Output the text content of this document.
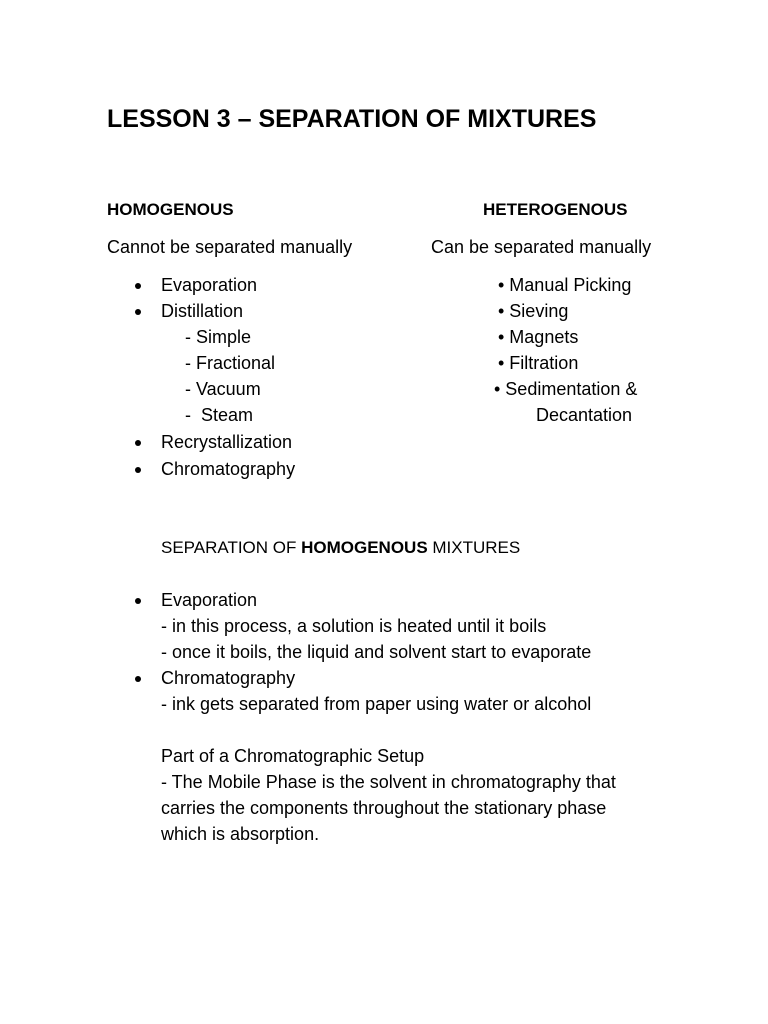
LESSON 3 – SEPARATION OF MIXTURES
HOMOGENOUS
Cannot be separated manually
Evaporation
Distillation
- Simple
- Fractional
- Vacuum
-  Steam
Recrystallization
Chromatography
HETEROGENOUS
Can be separated manually
• Manual Picking
• Sieving
• Magnets
• Filtration
• Sedimentation &
Decantation
SEPARATION OF HOMOGENOUS MIXTURES
Evaporation
- in this process, a solution is heated until it boils
- once it boils, the liquid and solvent start to evaporate
Chromatography
- ink gets separated from paper using water or alcohol
Part of a Chromatographic Setup
- The Mobile Phase is the solvent in chromatography that
carries the components throughout the stationary phase
which is absorption.
